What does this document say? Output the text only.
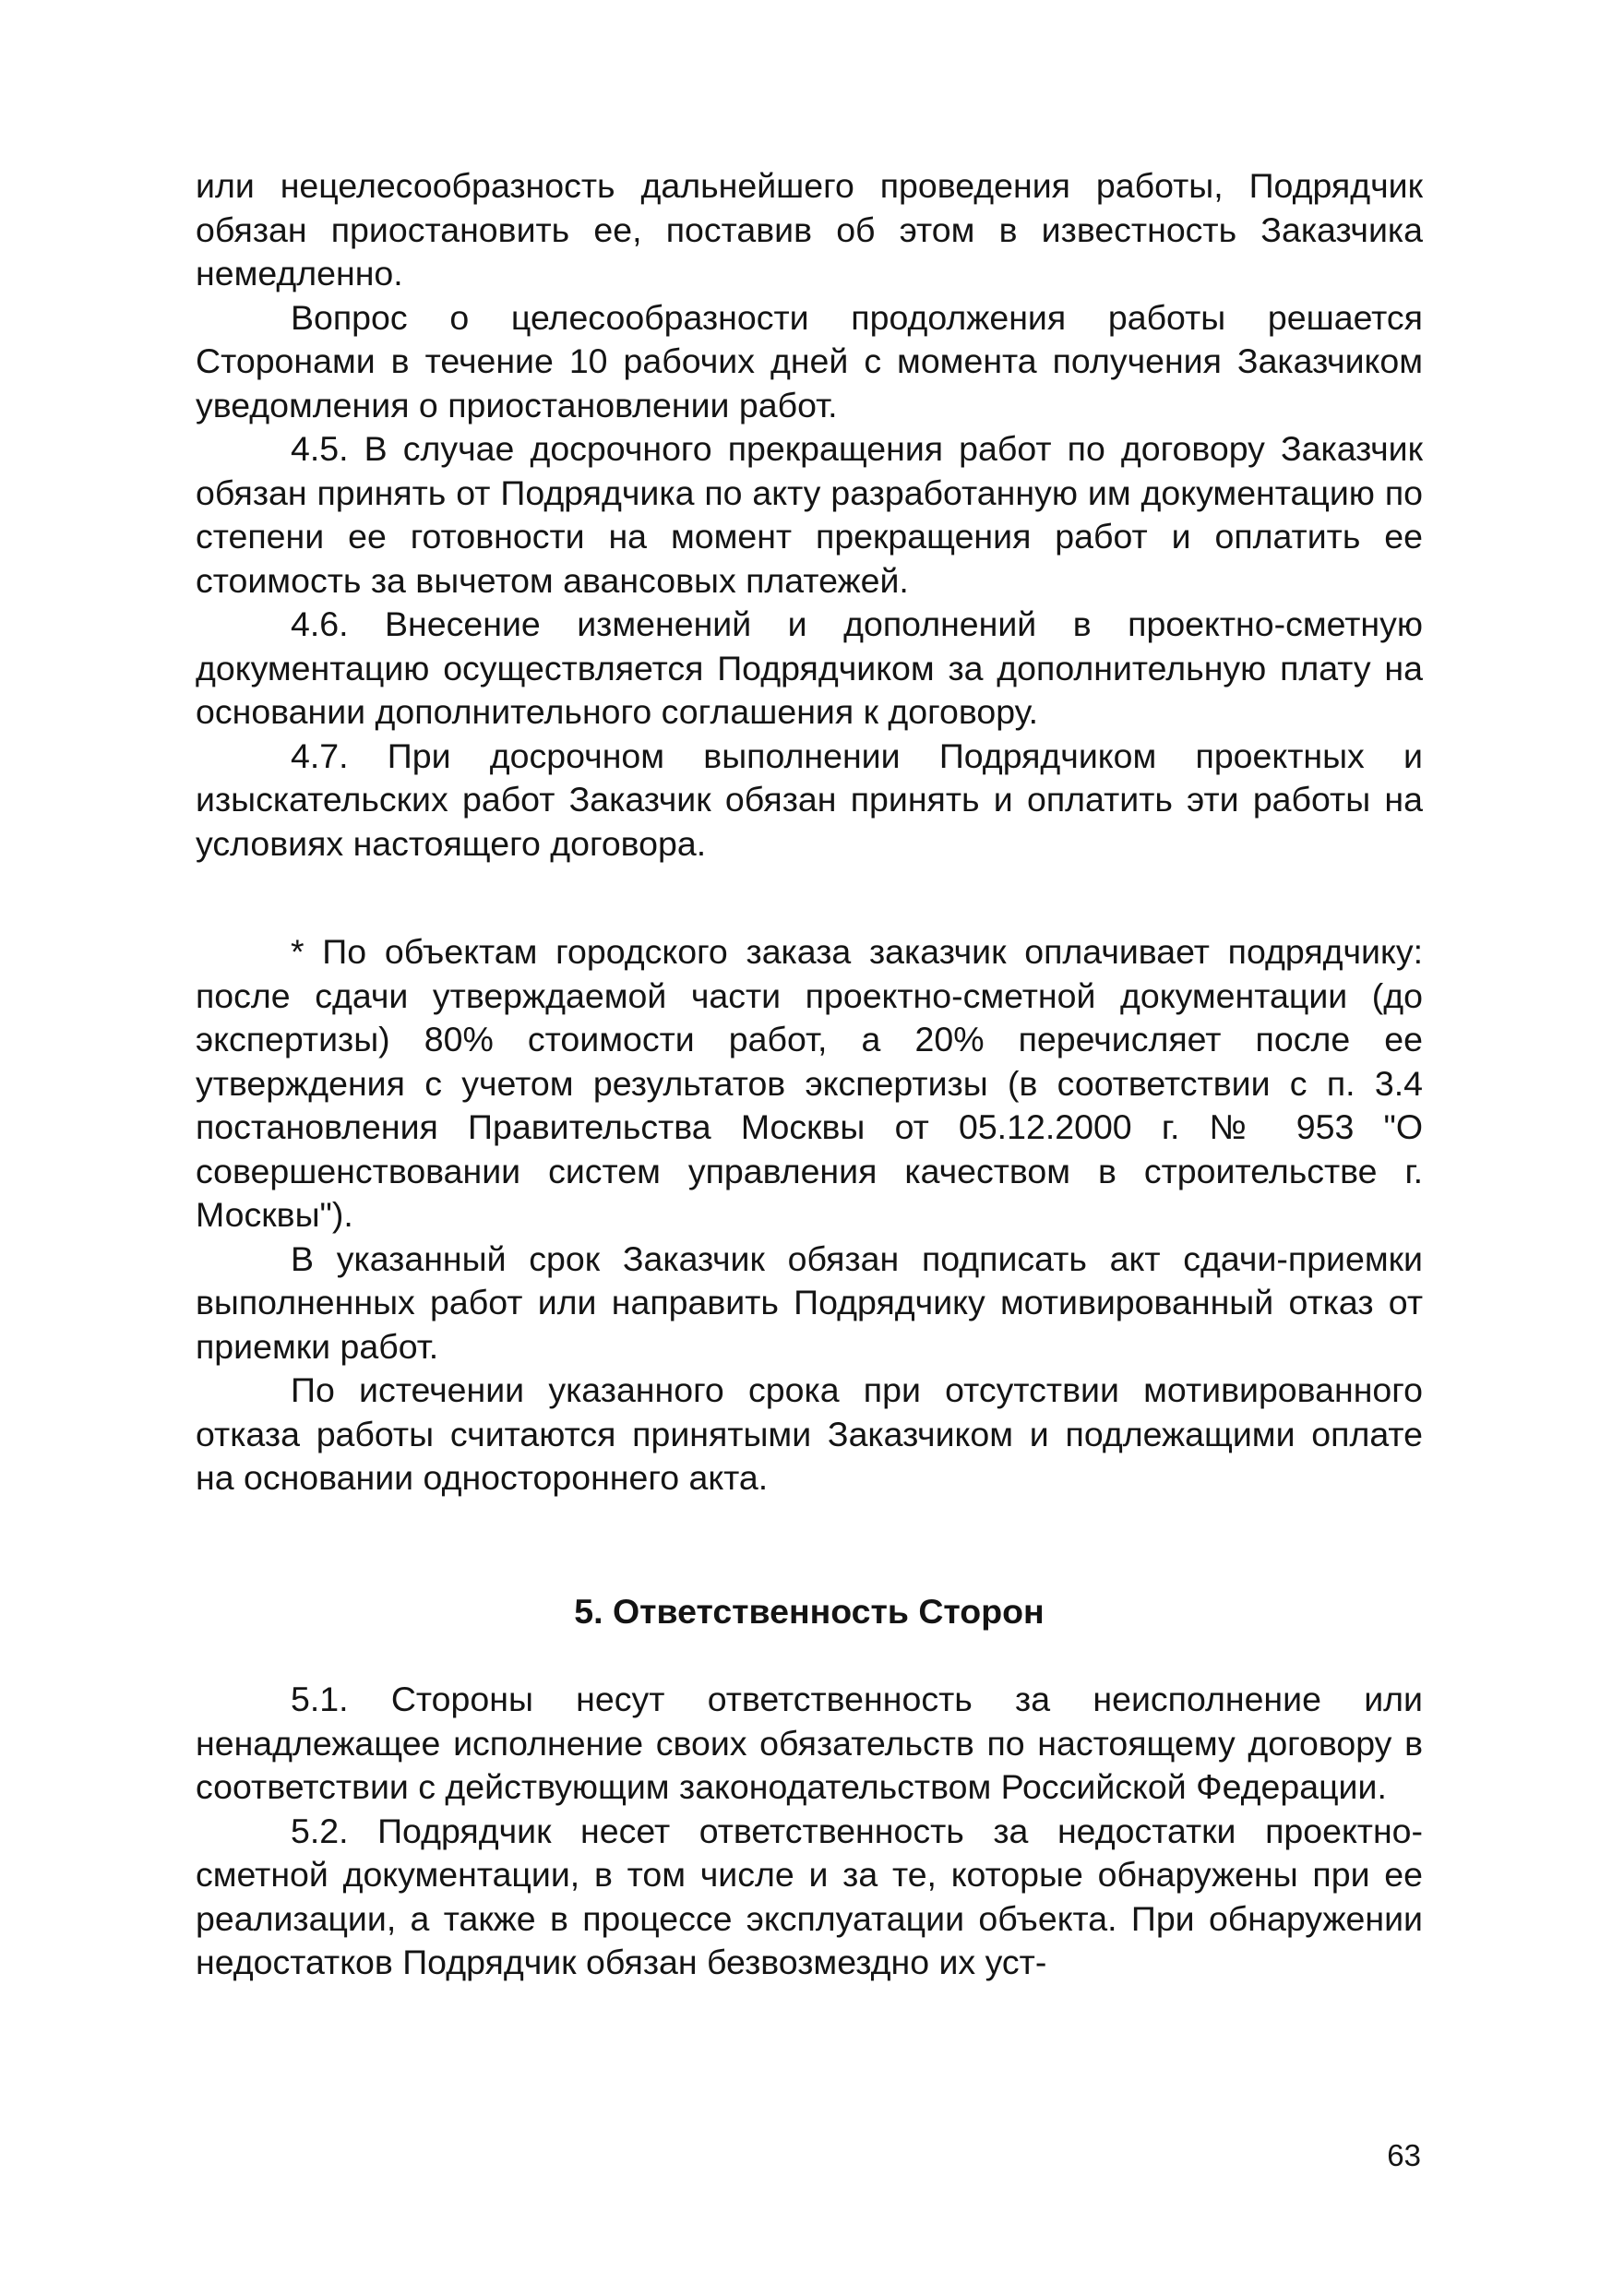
или нецелесообразность дальнейшего проведения работы, Подрядчик обязан приостановить ее, поставив об этом в известность Заказчика немедленно.

Вопрос о целесообразности продолжения работы решается Сторонами в течение 10 рабочих дней с момента получения Заказчиком уведомления о приостановлении работ.

4.5. В случае досрочного прекращения работ по договору Заказчик обязан принять от Подрядчика по акту разработанную им документацию по степени ее готовности на момент прекращения работ и оплатить ее стоимость за вычетом авансовых платежей.

4.6. Внесение изменений и дополнений в проектно-сметную документацию осуществляется Подрядчиком за дополнительную плату на основании дополнительного соглашения к договору.

4.7. При досрочном выполнении Подрядчиком проектных и изыскательских работ Заказчик обязан принять и оплатить эти работы на условиях настоящего договора.

* По объектам городского заказа заказчик оплачивает подрядчику: после сдачи утверждаемой части проектно-сметной документации (до экспертизы) 80% стоимости работ, а 20% перечисляет после ее утверждения с учетом результатов экспертизы (в соответствии с п. 3.4 постановления Правительства Москвы от 05.12.2000 г. № 953 "О совершенствовании систем управления качеством в строительстве г. Москвы").

В указанный срок Заказчик обязан подписать акт сдачи-приемки выполненных работ или направить Подрядчику мотивированный отказ от приемки работ.

По истечении указанного срока при отсутствии мотивированного отказа работы считаются принятыми Заказчиком и подлежащими оплате на основании одностороннего акта.

5. Ответственность Сторон

5.1. Стороны несут ответственность за неисполнение или ненадлежащее исполнение своих обязательств по настоящему договору в соответствии с действующим законодательством Российской Федерации.

5.2. Подрядчик несет ответственность за недостатки проектно-сметной документации, в том числе и за те, которые обнаружены при ее реализации, а также в процессе эксплуатации объекта. При обнаружении недостатков Подрядчик обязан безвозмездно их уст-

63
